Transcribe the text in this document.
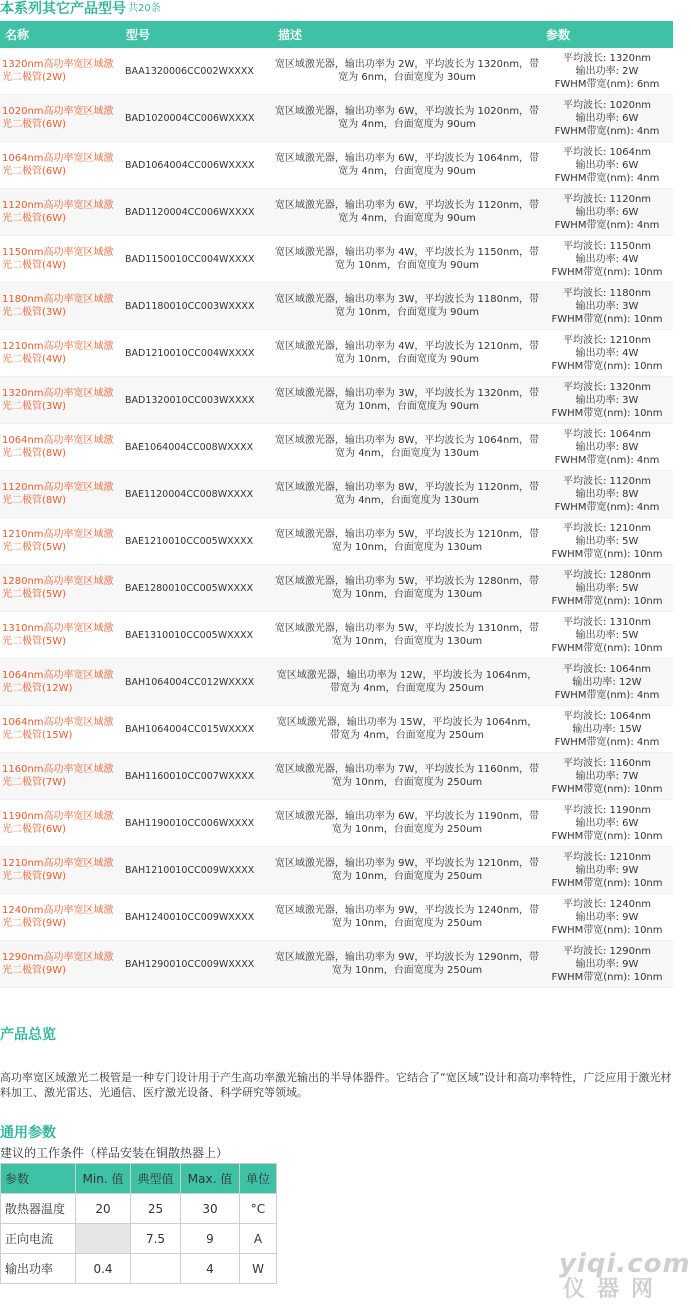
本系列其它产品型号 $^{共20条}$
名称	型号	描述	参数
1320nm高功率宽区域激光二极管(2W)	BAA1320006CC002WXXXX	宽区域激光器，输出功率为 2W，平均波长为 1320nm，带宽为 6nm，台面宽度为 30um	平均波长: 1320nm
输出功率: 2W
FWHM带宽(nm): 6nm

1020nm高功率宽区域激光二极管(6W)	BAD1020004CC006WXXXX	宽区域激光器，输出功率为 6W，平均波长为 1020nm，带宽为 4nm，台面宽度为 90um	平均波长: 1020nm
输出功率: 6W
FWHM带宽(nm): 4nm

1064nm高功率宽区域激光二极管(6W)	BAD1064004CC006WXXXX	宽区域激光器，输出功率为 6W，平均波长为 1064nm，带宽为 4nm，台面宽度为 90um	平均波长: 1064nm
输出功率: 6W
FWHM带宽(nm): 4nm

1120nm高功率宽区域激光二极管(6W)	BAD1120004CC006WXXXX	宽区域激光器，输出功率为 6W，平均波长为 1120nm，带宽为 4nm，台面宽度为 90um	平均波长: 1120nm
输出功率: 6W
FWHM带宽(nm): 4nm

1150nm高功率宽区域激光二极管(4W)	BAD1150010CC004WXXXX	宽区域激光器，输出功率为 4W，平均波长为 1150nm，带宽为 10nm，台面宽度为 90um	平均波长: 1150nm
输出功率: 4W
FWHM带宽(nm): 10nm

1180nm高功率宽区域激光二极管(3W)	BAD1180010CC003WXXXX	宽区域激光器，输出功率为 3W，平均波长为 1180nm，带宽为 10nm，台面宽度为 90um	平均波长: 1180nm
输出功率: 3W
FWHM带宽(nm): 10nm

1210nm高功率宽区域激光二极管(4W)	BAD1210010CC004WXXXX	宽区域激光器，输出功率为 4W，平均波长为 1210nm，带宽为 10nm，台面宽度为 90um	平均波长: 1210nm
输出功率: 4W
FWHM带宽(nm): 10nm

1320nm高功率宽区域激光二极管(3W)	BAD1320010CC003WXXXX	宽区域激光器，输出功率为 3W，平均波长为 1320nm，带宽为 10nm，台面宽度为 90um	平均波长: 1320nm
输出功率: 3W
FWHM带宽(nm): 10nm

1064nm高功率宽区域激光二极管(8W)	BAE1064004CC008WXXXX	宽区域激光器，输出功率为 8W，平均波长为 1064nm，带宽为 4nm，台面宽度为 130um	平均波长: 1064nm
输出功率: 8W
FWHM带宽(nm): 4nm

1120nm高功率宽区域激光二极管(8W)	BAE1120004CC008WXXXX	宽区域激光器，输出功率为 8W，平均波长为 1120nm，带宽为 4nm，台面宽度为 130um	平均波长: 1120nm
输出功率: 8W
FWHM带宽(nm): 4nm

1210nm高功率宽区域激光二极管(5W)	BAE1210010CC005WXXXX	宽区域激光器，输出功率为 5W，平均波长为 1210nm，带宽为 10nm，台面宽度为 130um	平均波长: 1210nm
输出功率: 5W
FWHM带宽(nm): 10nm

1280nm高功率宽区域激光二极管(5W)	BAE1280010CC005WXXXX	宽区域激光器，输出功率为 5W，平均波长为 1280nm，带宽为 10nm，台面宽度为 130um	平均波长: 1280nm
输出功率: 5W
FWHM带宽(nm): 10nm

1310nm高功率宽区域激光二极管(5W)	BAE1310010CC005WXXXX	宽区域激光器，输出功率为 5W，平均波长为 1310nm，带宽为 10nm，台面宽度为 130um	平均波长: 1310nm
输出功率: 5W
FWHM带宽(nm): 10nm

1064nm高功率宽区域激光二极管(12W)	BAH1064004CC012WXXXX	宽区域激光器，输出功率为 12W，平均波长为 1064nm，带宽为 4nm，台面宽度为 250um	平均波长: 1064nm
输出功率: 12W
FWHM带宽(nm): 4nm

1064nm高功率宽区域激光二极管(15W)	BAH1064004CC015WXXXX	宽区域激光器，输出功率为 15W，平均波长为 1064nm，带宽为 4nm，台面宽度为 250um	平均波长: 1064nm
输出功率: 15W
FWHM带宽(nm): 4nm

1160nm高功率宽区域激光二极管(7W)	BAH1160010CC007WXXXX	宽区域激光器，输出功率为 7W，平均波长为 1160nm，带宽为 10nm，台面宽度为 250um	平均波长: 1160nm
输出功率: 7W
FWHM带宽(nm): 10nm

1190nm高功率宽区域激光二极管(6W)	BAH1190010CC006WXXXX	宽区域激光器，输出功率为 6W，平均波长为 1190nm，带宽为 10nm，台面宽度为 250um	平均波长: 1190nm
输出功率: 6W
FWHM带宽(nm): 10nm

1210nm高功率宽区域激光二极管(9W)	BAH1210010CC009WXXXX	宽区域激光器，输出功率为 9W，平均波长为 1210nm，带宽为 10nm，台面宽度为 250um	平均波长: 1210nm
输出功率: 9W
FWHM带宽(nm): 10nm

1240nm高功率宽区域激光二极管(9W)	BAH1240010CC009WXXXX	宽区域激光器，输出功率为 9W，平均波长为 1240nm，带宽为 10nm，台面宽度为 250um	平均波长: 1240nm
输出功率: 9W
FWHM带宽(nm): 10nm

1290nm高功率宽区域激光二极管(9W)	BAH1290010CC009WXXXX	宽区域激光器，输出功率为 9W，平均波长为 1290nm，带宽为 10nm，台面宽度为 250um	平均波长: 1290nm
输出功率: 9W
FWHM带宽(nm): 10nm
产品总览
高功率宽区域激光二极管是一种专门设计用于产生高功率激光输出的半导体器件。它结合了“宽区域”设计和高功率特性，广泛应用于激光材料加工、激光雷达、光通信、医疗激光设备、科学研究等领域。
通用参数
建议的工作条件（样品安装在铜散热器上）
参数	Min. 值	典型值	Max. 值	单位
散热器温度	20	25	30	°C
正向电流		7.5	9	A
输出功率	0.4		4	W	yiqi.com
仪器网
